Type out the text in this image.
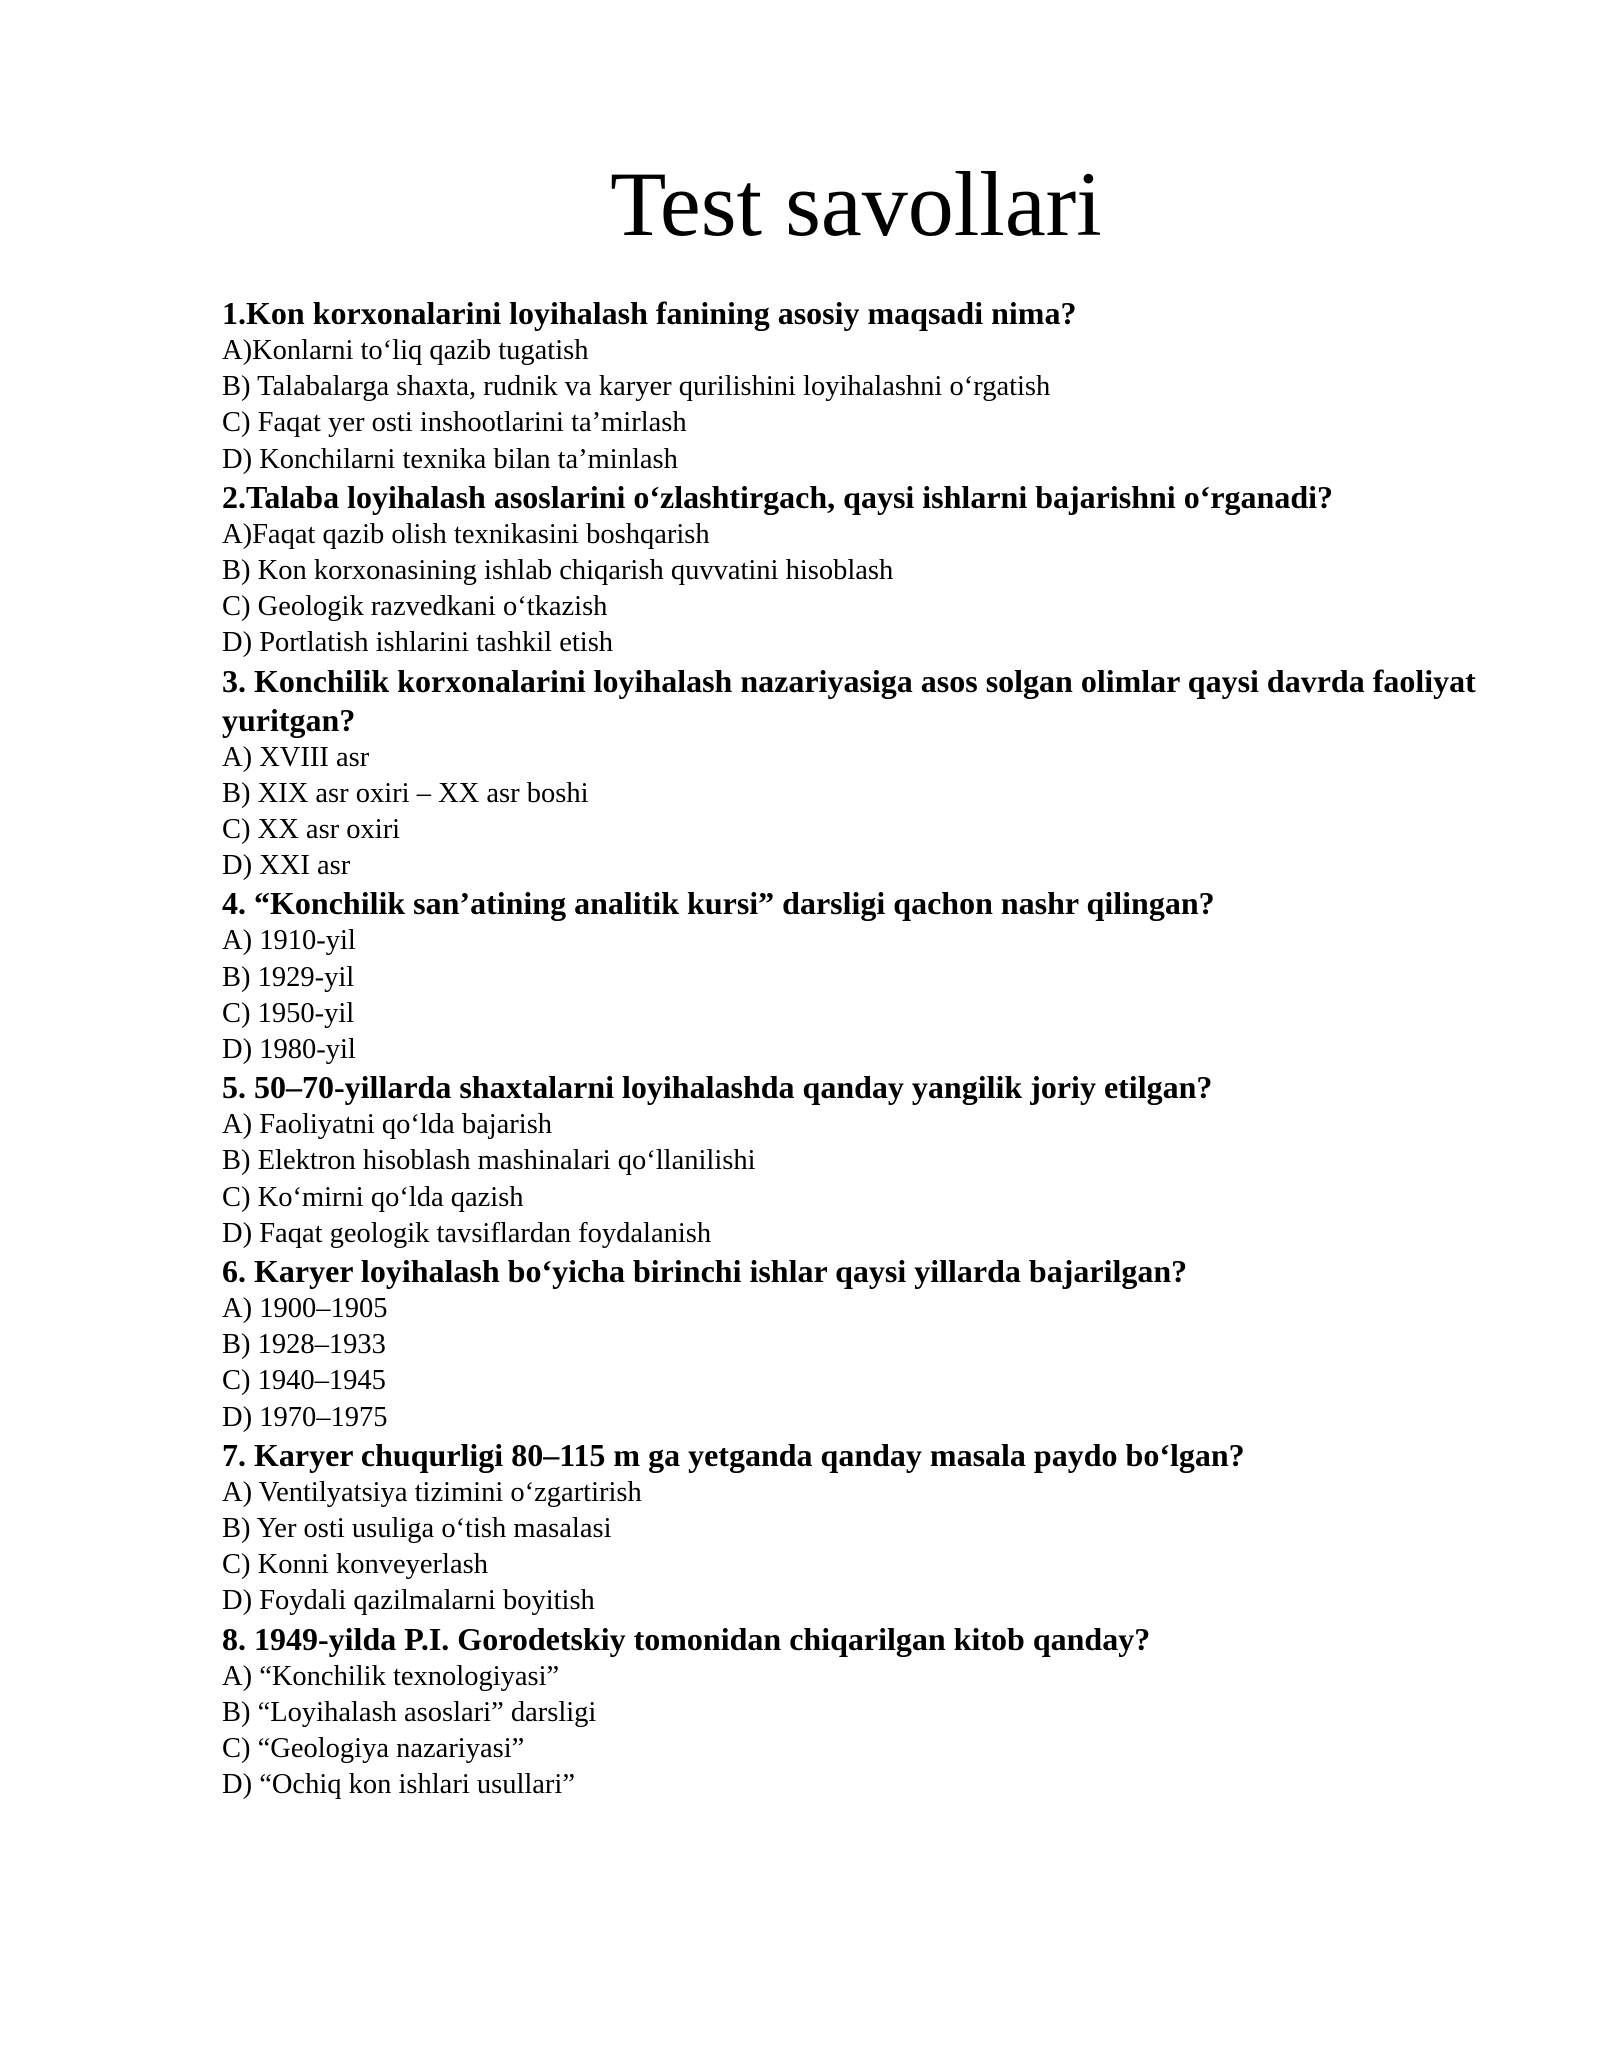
Test savollari

1.Kon korxonalarini loyihalash fanining asosiy maqsadi nima?

A)Konlarni to‘liq qazib tugatish

B) Talabalarga shaxta, rudnik va karyer qurilishini loyihalashni o‘rgatish

C) Faqat yer osti inshootlarini ta’mirlash

D) Konchilarni texnika bilan ta’minlash

2.Talaba loyihalash asoslarini o‘zlashtirgach, qaysi ishlarni bajarishni o‘rganadi?

A)Faqat qazib olish texnikasini boshqarish

B) Kon korxonasining ishlab chiqarish quvvatini hisoblash

C) Geologik razvedkani o‘tkazish

D) Portlatish ishlarini tashkil etish

3. Konchilik korxonalarini loyihalash nazariyasiga asos solgan olimlar qaysi davrda faoliyat yuritgan?

A) XVIII asr

B) XIX asr oxiri – XX asr boshi

C) XX asr oxiri

D) XXI asr

4. “Konchilik san’atining analitik kursi” darsligi qachon nashr qilingan?

A) 1910-yil

B) 1929-yil

C) 1950-yil

D) 1980-yil

5. 50–70-yillarda shaxtalarni loyihalashda qanday yangilik joriy etilgan?

A) Faoliyatni qo‘lda bajarish

B) Elektron hisoblash mashinalari qo‘llanilishi

C) Ko‘mirni qo‘lda qazish

D) Faqat geologik tavsiflardan foydalanish

6. Karyer loyihalash bo‘yicha birinchi ishlar qaysi yillarda bajarilgan?

A) 1900–1905

B) 1928–1933

C) 1940–1945

D) 1970–1975

7. Karyer chuqurligi 80–115 m ga yetganda qanday masala paydo bo‘lgan?

A) Ventilyatsiya tizimini o‘zgartirish

B) Yer osti usuliga o‘tish masalasi

C) Konni konveyerlash

D) Foydali qazilmalarni boyitish

8. 1949-yilda P.I. Gorodetskiy tomonidan chiqarilgan kitob qanday?

A) “Konchilik texnologiyasi”

B) “Loyihalash asoslari” darsligi

C) “Geologiya nazariyasi”

D) “Ochiq kon ishlari usullari”
